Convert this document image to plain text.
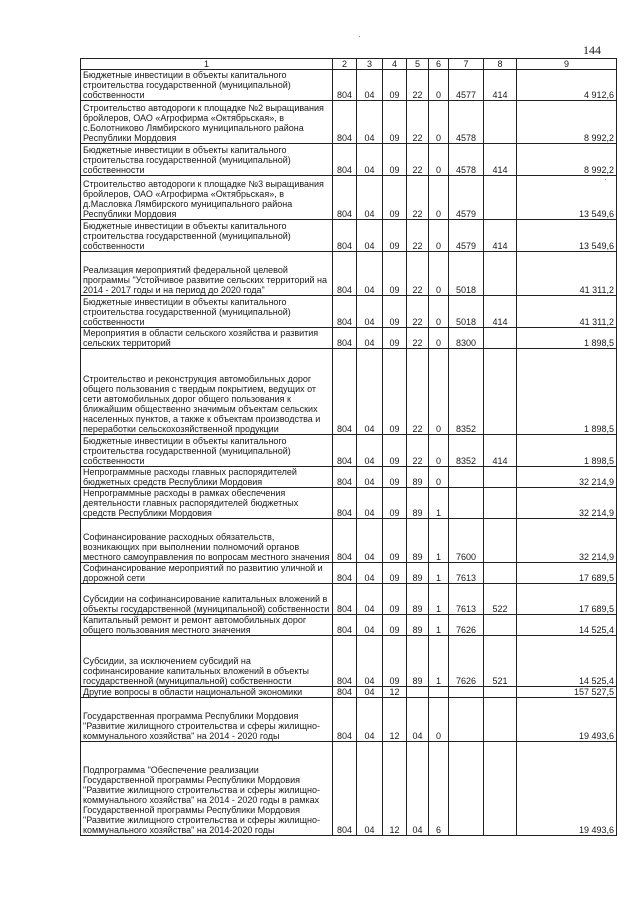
144
1	2	3	4	5	6	7	8	9
Бюджетные инвестиции в объекты капитального строительства государственной (муниципальной) собственности	804	04	09	22	0	4577	414	4 912,6
Строительство автодороги к площадке №2 выращивания бройлеров, ОАО «Агрофирма «Октябрьская», в с.Болотниково Лямбирского муниципального района Республики Мордовия	804	04	09	22	0	4578		8 992,2
Бюджетные инвестиции в объекты капитального строительства государственной (муниципальной) собственности	804	04	09	22	0	4578	414	8 992,2
Строительство автодороги к площадке №3 выращивания бройлеров, ОАО «Агрофирма «Октябрьская», в д.Масловка Лямбирского муниципального района Республики Мордовия	804	04	09	22	0	4579		13 549,6
Бюджетные инвестиции в объекты капитального строительства государственной (муниципальной) собственности	804	04	09	22	0	4579	414	13 549,6
Реализация мероприятий федеральной целевой программы "Устойчивое развитие сельских территорий на 2014 - 2017 годы и на период до 2020 года"	804	04	09	22	0	5018		41 311,2
Бюджетные инвестиции в объекты капитального строительства государственной (муниципальной) собственности	804	04	09	22	0	5018	414	41 311,2
Мероприятия в области сельского хозяйства и развития сельских территорий	804	04	09	22	0	8300		1 898,5
Строительство и реконструкция автомобильных дорог общего пользования с твердым покрытием, ведущих от сети автомобильных дорог общего пользования к ближайшим общественно значимым объектам сельских населенных пунктов, а также к объектам производства и переработки сельскохозяйственной продукции	804	04	09	22	0	8352		1 898,5
Бюджетные инвестиции в объекты капитального строительства государственной (муниципальной) собственности	804	04	09	22	0	8352	414	1 898,5
Непрограммные расходы главных распорядителей бюджетных средств Республики Мордовия	804	04	09	89	0			32 214,9
Непрограммные расходы в рамках обеспечения деятельности главных распорядителей бюджетных средств Республики Мордовия	804	04	09	89	1			32 214,9
Софинансирование расходных обязательств, возникающих при выполнении полномочий органов местного самоуправления по вопросам местного значения	804	04	09	89	1	7600		32 214,9
Софинансирование мероприятий по развитию уличной и дорожной сети	804	04	09	89	1	7613		17 689,5
Субсидии на софинансирование капитальных вложений в объекты государственной (муниципальной) собственности	804	04	09	89	1	7613	522	17 689,5
Капитальный ремонт и ремонт автомобильных дорог общего пользования местного значения	804	04	09	89	1	7626		14 525,4
Субсидии, за исключением субсидий на софинансирование капитальных вложений в объекты государственной (муниципальной) собственности	804	04	09	89	1	7626	521	14 525,4
Другие вопросы в области национальной экономики	804	04	12					157 527,5
Государственная программа Республики Мордовия "Развитие жилищного строительства и сферы жилищно-коммунального хозяйства" на 2014 - 2020 годы	804	04	12	04	0			19 493,6
Подпрограмма "Обеспечение реализации Государственной программы Республики Мордовия "Развитие жилищного строительства и сферы жилищно-коммунального хозяйства" на 2014 - 2020 годы в рамках Государственной программы Республики Мордовия "Развитие жилищного строительства и сферы жилищно-коммунального хозяйства" на 2014-2020 годы	804	04	12	04	6			19 493,6
·
·
